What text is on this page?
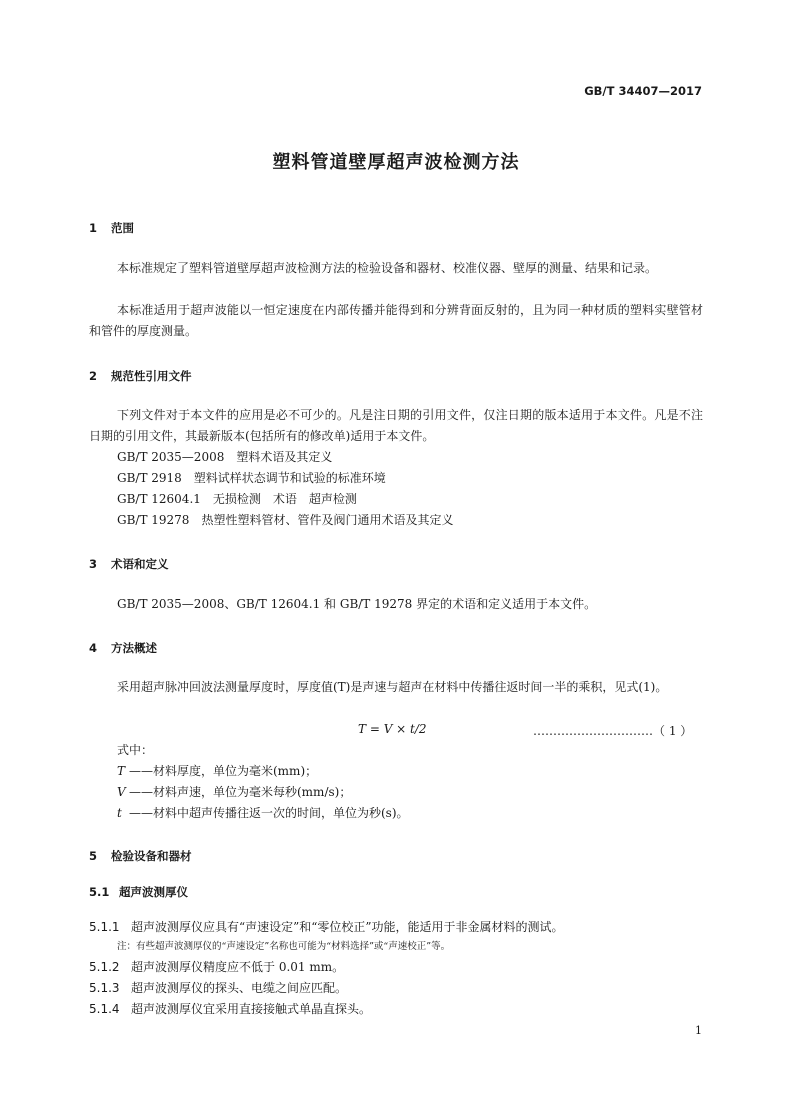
GB/T 34407—2017
塑料管道壁厚超声波检测方法
1 范围
本标准规定了塑料管道壁厚超声波检测方法的检验设备和器材、校准仪器、壁厚的测量、结果和记录。
本标准适用于超声波能以一恒定速度在内部传播并能得到和分辨背面反射的，且为同一种材质的塑料实壁管材和管件的厚度测量。
2 规范性引用文件
下列文件对于本文件的应用是必不可少的。凡是注日期的引用文件，仅注日期的版本适用于本文件。凡是不注日期的引用文件，其最新版本(包括所有的修改单)适用于本文件。
GB/T 2035—2008　塑料术语及其定义
GB/T 2918　塑料试样状态调节和试验的标准环境
GB/T 12604.1　无损检测　术语　超声检测
GB/T 19278　热塑性塑料管材、管件及阀门通用术语及其定义
3 术语和定义
GB/T 2035—2008、GB/T 12604.1 和 GB/T 19278 界定的术语和定义适用于本文件。
4 方法概述
采用超声脉冲回波法测量厚度时，厚度值(T)是声速与超声在材料中传播往返时间一半的乘积，见式(1)。
T = V × t/2	…………………………（ 1 ）
式中：
T ——材料厚度，单位为毫米(mm)；
V ——材料声速，单位为毫米每秒(mm/s)；
t ——材料中超声传播往返一次的时间，单位为秒(s)。
5 检验设备和器材
5.1 超声波测厚仪
5.1.1 超声波测厚仪应具有“声速设定”和“零位校正”功能，能适用于非金属材料的测试。
注：有些超声波测厚仪的“声速设定”名称也可能为“材料选择”或“声速校正”等。
5.1.2 超声波测厚仪精度应不低于 0.01 mm。
5.1.3 超声波测厚仪的探头、电缆之间应匹配。
5.1.4 超声波测厚仪宜采用直接接触式单晶直探头。
1
